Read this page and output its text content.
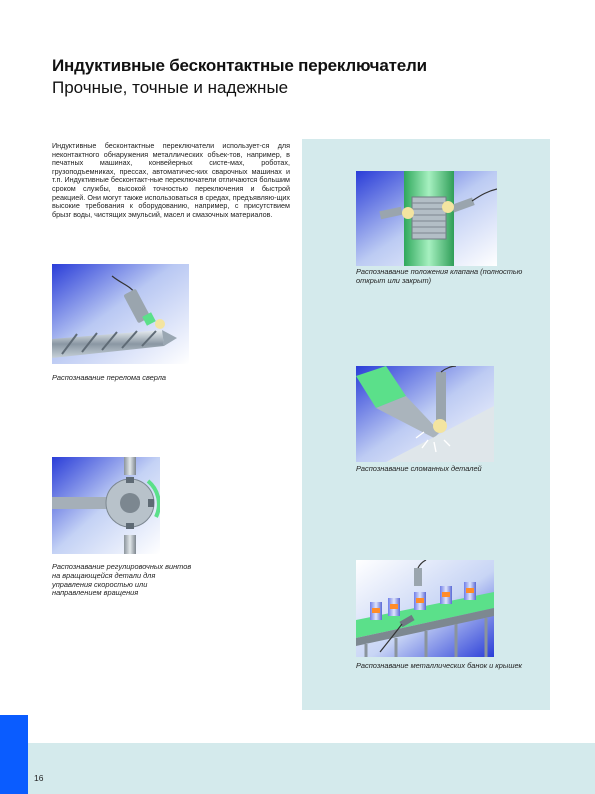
Индуктивные бесконтактные переключатели
Прочные, точные и надежные
Индуктивные бесконтактные переключатели использует-ся для неконтактного обнаружения металлических объек-тов, например, в печатных машинах, конвейерных систе-мах, роботах, грузоподъемниках, прессах, автоматичес-ких сварочных машинах и т.п. Индуктивные бесконтакт-ные переключатели отличаются большим сроком службы, высокой точностью переключения и быстрой реакцией. Они могут также использоваться в средах, предъявляю-щих высокие требования к оборудованию, например, с присутствием брызг воды, чистящих эмульсий, масел и смазочных материалов.
Распознавание перелома сверла
Распознавание регулировочных винтов на вращающейся детали для управления скоростью или направлением вращения
Распознавание положения клапана (полностью открыт или закрыт)
Распознавание сломанных деталей
Распознавание металлических банок и крышек
16
